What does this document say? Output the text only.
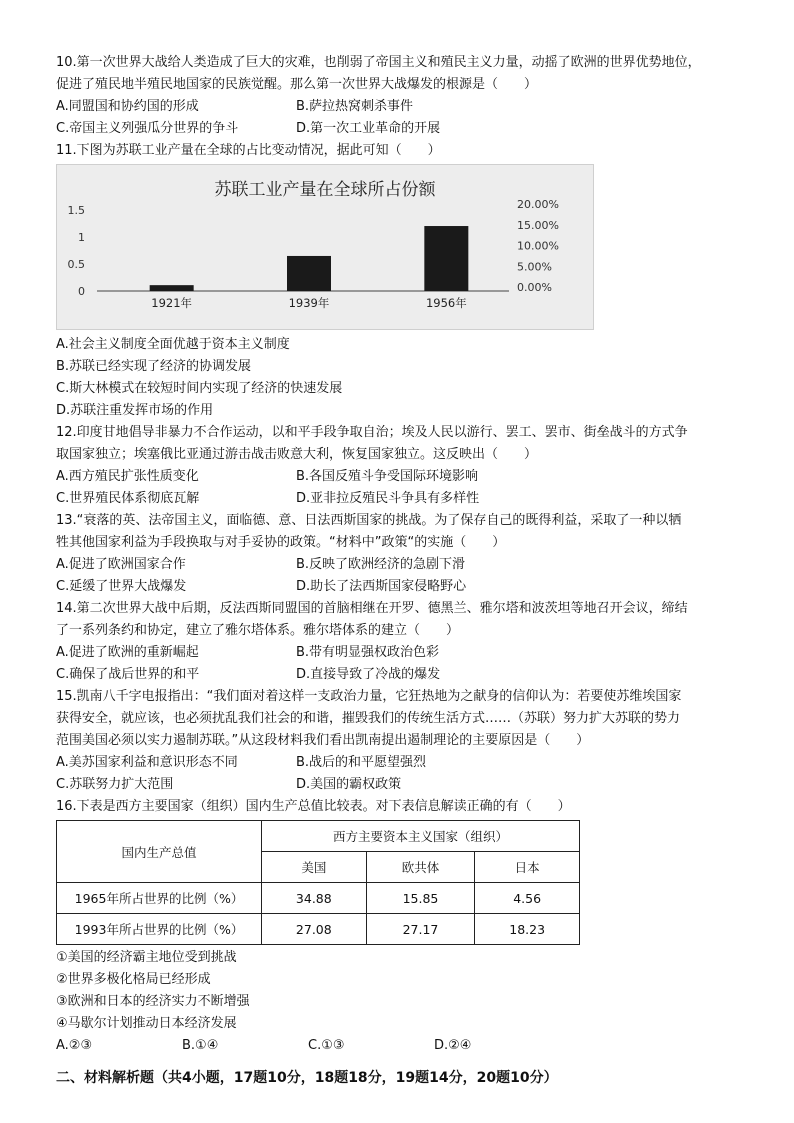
10.第一次世界大战给人类造成了巨大的灾难，也削弱了帝国主义和殖民主义力量，动摇了欧洲的世界优势地位，
促进了殖民地半殖民地国家的民族觉醒。那么第一次世界大战爆发的根源是（　　）
A.同盟国和协约国的形成	B.萨拉热窝刺杀事件
C.帝国主义列强瓜分世界的争斗	D.第一次工业革命的开展
11.下图为苏联工业产量在全球的占比变动情况，据此可知（　　）
苏联工业产量在全球所占份额
1.5
1
0.5
0
20.00%
15.00%
10.00%
5.00%
0.00%
1921年	1939年	1956年
A.社会主义制度全面优越于资本主义制度
B.苏联已经实现了经济的协调发展
C.斯大林模式在较短时间内实现了经济的快速发展
D.苏联注重发挥市场的作用
12.印度甘地倡导非暴力不合作运动，以和平手段争取自治；埃及人民以游行、罢工、罢市、街垒战斗的方式争
取国家独立；埃塞俄比亚通过游击战击败意大利，恢复国家独立。这反映出（　　）
A.西方殖民扩张性质变化	B.各国反殖斗争受国际环境影响
C.世界殖民体系彻底瓦解	D.亚非拉反殖民斗争具有多样性
13.“衰落的英、法帝国主义，面临德、意、日法西斯国家的挑战。为了保存自己的既得利益，采取了一种以牺
牲其他国家利益为手段换取与对手妥协的政策。“材料中”政策“的实施（　　）
A.促进了欧洲国家合作	B.反映了欧洲经济的急剧下滑
C.延缓了世界大战爆发	D.助长了法西斯国家侵略野心
14.第二次世界大战中后期，反法西斯同盟国的首脑相继在开罗、德黑兰、雅尔塔和波茨坦等地召开会议，缔结
了一系列条约和协定，建立了雅尔塔体系。雅尔塔体系的建立（　　）
A.促进了欧洲的重新崛起	B.带有明显强权政治色彩
C.确保了战后世界的和平	D.直接导致了冷战的爆发
15.凯南八千字电报指出：“我们面对着这样一支政治力量，它狂热地为之献身的信仰认为：若要使苏维埃国家
获得安全，就应该，也必须扰乱我们社会的和谐，摧毁我们的传统生活方式……（苏联）努力扩大苏联的势力
范围美国必须以实力遏制苏联。”从这段材料我们看出凯南提出遏制理论的主要原因是（　　）
A.美苏国家利益和意识形态不同	B.战后的和平愿望强烈
C.苏联努力扩大范围	D.美国的霸权政策
16.下表是西方主要国家（组织）国内生产总值比较表。对下表信息解读正确的有（　　）
国内生产总值	西方主要资本主义国家（组织）		
	美国	欧共体	日本
1965年所占世界的比例（%）	34.88	15.85	4.56
1993年所占世界的比例（%）	27.08	27.17	18.23
①美国的经济霸主地位受到挑战
②世界多极化格局已经形成
③欧洲和日本的经济实力不断增强
④马歇尔计划推动日本经济发展
A.②③	B.①④	C.①③	D.②④
二、材料解析题（共4小题，17题10分，18题18分，19题14分，20题10分）
